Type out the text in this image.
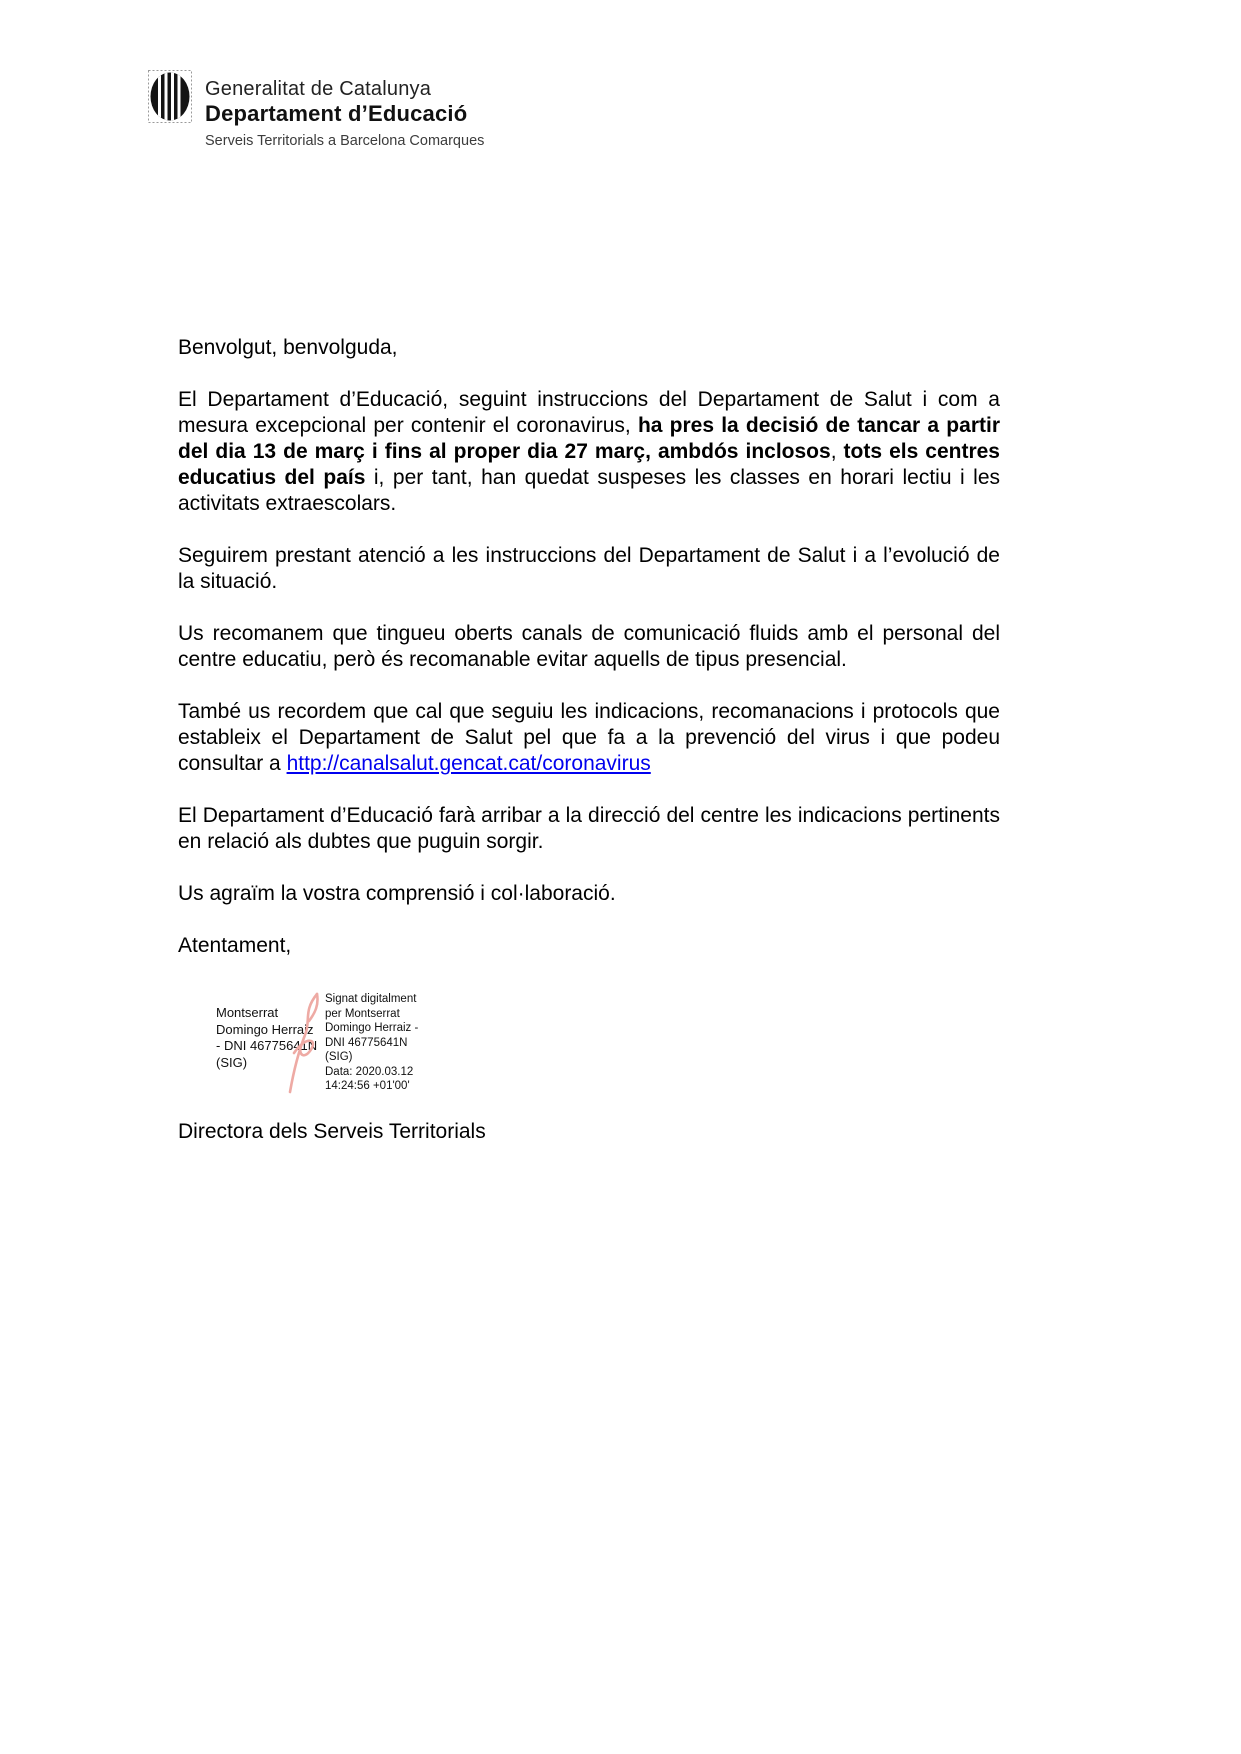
Generalitat de Catalunya
Departament d’Educació
Serveis Territorials a Barcelona Comarques

Benvolgut, benvolguda,

El Departament d’Educació, seguint instruccions del Departament de Salut i com a mesura excepcional per contenir el coronavirus, ha pres la decisió de tancar a partir del dia 13 de març i fins al proper dia 27 març, ambdós inclosos, tots els centres educatius del país i, per tant, han quedat suspeses les classes en horari lectiu i les activitats extraescolars.

Seguirem prestant atenció a les instruccions del Departament de Salut i a l’evolució de la situació.

Us recomanem que tingueu oberts canals de comunicació fluids amb el personal del centre educatiu, però és recomanable evitar aquells de tipus presencial.

També us recordem que cal que seguiu les indicacions, recomanacions i protocols que estableix el Departament de Salut pel que fa a la prevenció del virus i que podeu consultar a http://canalsalut.gencat.cat/coronavirus

El Departament d’Educació farà arribar a la direcció del centre les indicacions pertinents en relació als dubtes que puguin sorgir.

Us agraïm la vostra comprensió i col·laboració.

Atentament,

Montserrat
Domingo Herraiz
- DNI 46775641N
(SIG)
Signat digitalment
per Montserrat
Domingo Herraiz -
DNI 46775641N
(SIG)
Data: 2020.03.12
14:24:56 +01'00'
Directora dels Serveis Territorials
